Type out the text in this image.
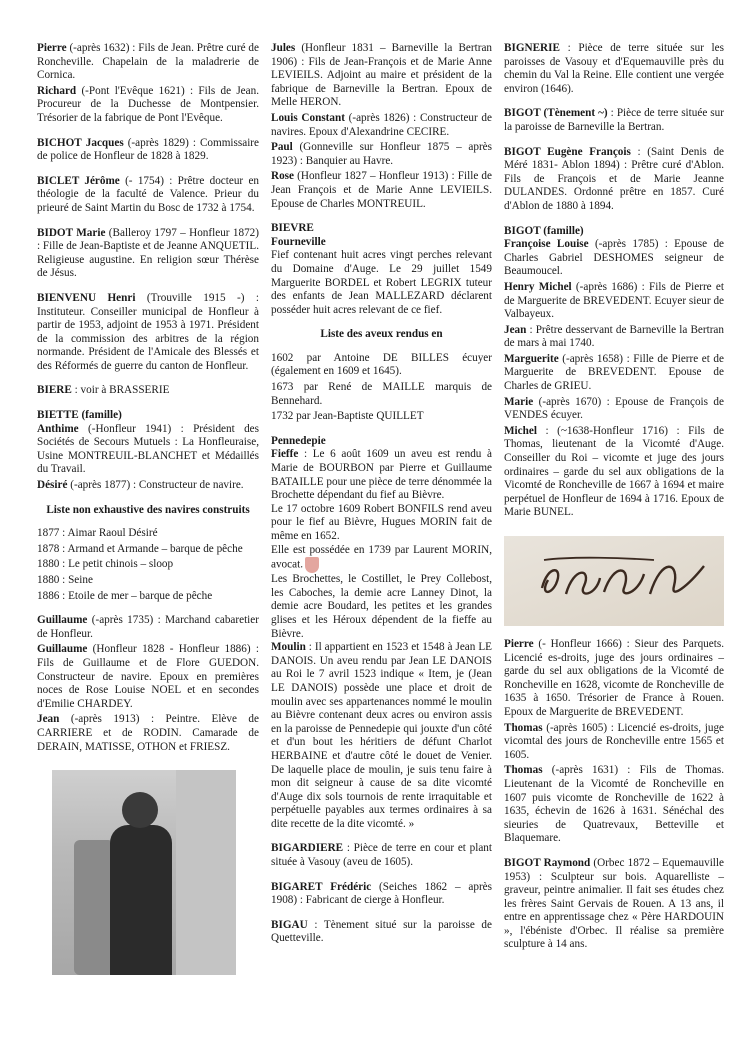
Pierre (-après 1632) : Fils de Jean. Prêtre curé de Roncheville. Chapelain de la maladrerie de Cornica.

Richard (-Pont l'Evêque 1621) : Fils de Jean. Procureur de la Duchesse de Montpensier. Trésorier de la fabrique de Pont l'Evêque.

BICHOT Jacques (-après 1829) : Commissaire de police de Honfleur de 1828 à 1829.

BICLET Jérôme (- 1754) : Prêtre docteur en théologie de la faculté de Valence. Prieur du prieuré de Saint Martin du Bosc de 1732 à 1754.

BIDOT Marie (Balleroy 1797 – Honfleur 1872) : Fille de Jean-Baptiste et de Jeanne ANQUETIL. Religieuse augustine. En religion sœur Thérèse de Jésus.

BIENVENU Henri (Trouville 1915 -) : Instituteur. Conseiller municipal de Honfleur à partir de 1953, adjoint de 1953 à 1971. Président de la commission des arbitres de la région normande. Président de l'Amicale des Blessés et des Réformés de guerre du canton de Honfleur.

BIERE : voir à BRASSERIE

BIETTE (famille)

Anthime (-Honfleur 1941) : Président des Sociétés de Secours Mutuels : La Honfleuraise, Usine MONTREUIL-BLANCHET et Médaillés du Travail.

Désiré (-après 1877) : Constructeur de navire.

Liste non exhaustive des navires construits

1877 : Aimar Raoul Désiré
1878 : Armand et Armande – barque de pêche
1880 : Le petit chinois – sloop
1880 : Seine
1886 : Etoile de mer – barque de pêche

Guillaume (-après 1735) : Marchand cabaretier de Honfleur.

Guillaume (Honfleur 1828 - Honfleur 1886) : Fils de Guillaume et de Flore GUEDON. Constructeur de navire. Epoux en premières noces de Rose Louise NOEL et en secondes d'Emilie CHARDEY.

Jean (-après 1913) : Peintre. Elève de CARRIERE et de RODIN. Camarade de DERAIN, MATISSE, OTHON et FRIESZ.

Jules (Honfleur 1831 – Barneville la Bertran 1906) : Fils de Jean-François et de Marie Anne LEVIEILS. Adjoint au maire et président de la fabrique de Barneville la Bertran. Epoux de Melle HERON.

Louis Constant (-après 1826) : Constructeur de navires. Epoux d'Alexandrine CECIRE.

Paul (Gonneville sur Honfleur 1875 – après 1923) : Banquier au Havre.

Rose (Honfleur 1827 – Honfleur 1913) : Fille de Jean François et de Marie Anne LEVIEILS. Epouse de Charles MONTREUIL.

BIEVRE

Fourneville

Fief contenant huit acres vingt perches relevant du Domaine d'Auge. Le 29 juillet 1549 Marguerite BORDEL et Robert LEGRIX tuteur des enfants de Jean MALLEZARD déclarent posséder huit acres relevant de ce fief.

Liste des aveux rendus en

1602 par Antoine DE BILLES écuyer (également en 1609 et 1645).
1673 par René de MAILLE marquis de Bennehard.
1732 par Jean-Baptiste QUILLET

Pennedepie

Fieffe : Le 6 août 1609 un aveu est rendu à Marie de BOURBON par Pierre et Guillaume BATAILLE pour une pièce de terre dénommée la Brochette dépendant du fief au Bièvre.

Le 17 octobre 1609 Robert BONFILS rend aveu pour le fief au Bièvre, Hugues MORIN fait de même en 1652.

Elle est possédée en 1739 par Laurent MORIN, avocat.

Les Brochettes, le Costillet, le Prey Collebost, les Caboches, la demie acre Lanney Dinot, la demie acre Boudard, les petites et les grandes glises et les Héroux dépendent de la fieffe au Bièvre.

Moulin : Il appartient en 1523 et 1548 à Jean LE DANOIS. Un aveu rendu par Jean LE DANOIS au Roi le 7 avril 1523 indique « Item, je (Jean LE DANOIS) possède une place et droit de moulin avec ses appartenances nommé le moulin au Bièvre contenant deux acres ou environ assis en la paroisse de Pennedepie qui jouxte d'un côté et d'un bout les héritiers de défunt Charlot HERBAINE et d'autre côté le douet de Venier. De laquelle place de moulin, je suis tenu faire à mon dit seigneur à cause de sa dite vicomté d'Auge dix sols tournois de rente irraquitable et perpétuelle payables aux termes ordinaires à sa dite recette de la dite vicomté. »

BIGARDIERE : Pièce de terre en cour et plant située à Vasouy (aveu de 1605).

BIGARET Frédéric (Seiches 1862 – après 1908) : Fabricant de cierge à Honfleur.

BIGAU : Tènement situé sur la paroisse de Quetteville.

BIGNERIE : Pièce de terre située sur les paroisses de Vasouy et d'Equemauville près du chemin du Val la Reine. Elle contient une vergée environ (1646).

BIGOT (Tènement ~) : Pièce de terre située sur la paroisse de Barneville la Bertran.

BIGOT Eugène François : (Saint Denis de Méré 1831- Ablon 1894) : Prêtre curé d'Ablon. Fils de François et de Marie Jeanne DULANDES. Ordonné prêtre en 1857. Curé d'Ablon de 1880 à 1894.

BIGOT (famille)

Françoise Louise (-après 1785) : Epouse de Charles Gabriel DESHOMES seigneur de Beaumoucel.

Henry Michel (-après 1686) : Fils de Pierre et de Marguerite de BREVEDENT. Ecuyer sieur de Valbayeux.

Jean : Prêtre desservant de Barneville la Bertran de mars à mai 1740.

Marguerite (-après 1658) : Fille de Pierre et de Marguerite de BREVEDENT. Epouse de Charles de GRIEU.

Marie (-après 1670) : Epouse de François de VENDES écuyer.

Michel : (~1638-Honfleur 1716) : Fils de Thomas, lieutenant de la Vicomté d'Auge. Conseiller du Roi – vicomte et juge des jours ordinaires – garde du sel aux obligations de la Vicomté de Roncheville de 1667 à 1694 et maire perpétuel de Honfleur de 1694 à 1716. Epoux de Marie BUNEL.

Pierre (- Honfleur 1666) : Sieur des Parquets. Licencié es-droits, juge des jours ordinaires – garde du sel aux obligations de la Vicomté de Roncheville en 1628, vicomte de Roncheville de 1635 à 1650. Trésorier de France à Rouen. Epoux de Marguerite de BREVEDENT.

Thomas (-après 1605) : Licencié es-droits, juge vicomtal des jours de Roncheville entre 1565 et 1605.

Thomas (-après 1631) : Fils de Thomas. Lieutenant de la Vicomté de Roncheville en 1607 puis vicomte de Roncheville de 1622 à 1635, échevin de 1626 à 1631. Sénéchal des sieuries de Quatrevaux, Betteville et Blaquemare.

BIGOT Raymond (Orbec 1872 – Equemauville 1953) : Sculpteur sur bois. Aquarelliste – graveur, peintre animalier. Il fait ses études chez les frères Saint Gervais de Rouen. A 13 ans, il entre en apprentissage chez « Père HARDOUIN », l'ébéniste d'Orbec. Il réalise sa première sculpture à 14 ans.
